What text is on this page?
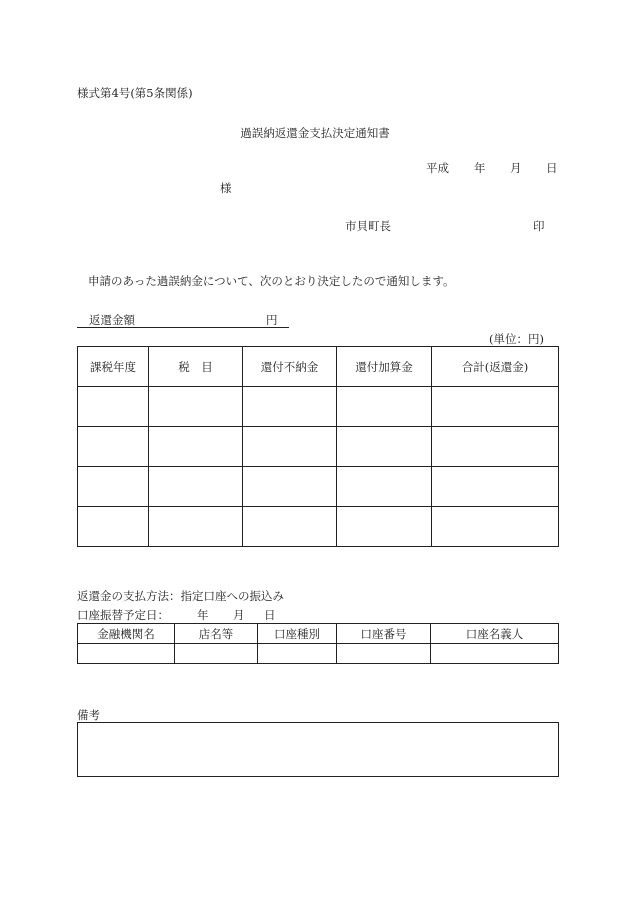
様式第4号(第5条関係)
過誤納返還金支払決定通知書
平成	年	月	日
様
市貝町長	印
申請のあった過誤納金について、次のとおり決定したので通知します。
返還金額	円
(単位：円)
課税年度	税　目	還付不納金	還付加算金	合計(返還金)

返還金の支払方法：指定口座への振込み
口座振替予定日： 年 月 日
金融機関名	店名等	口座種別	口座番号	口座名義人

備考
